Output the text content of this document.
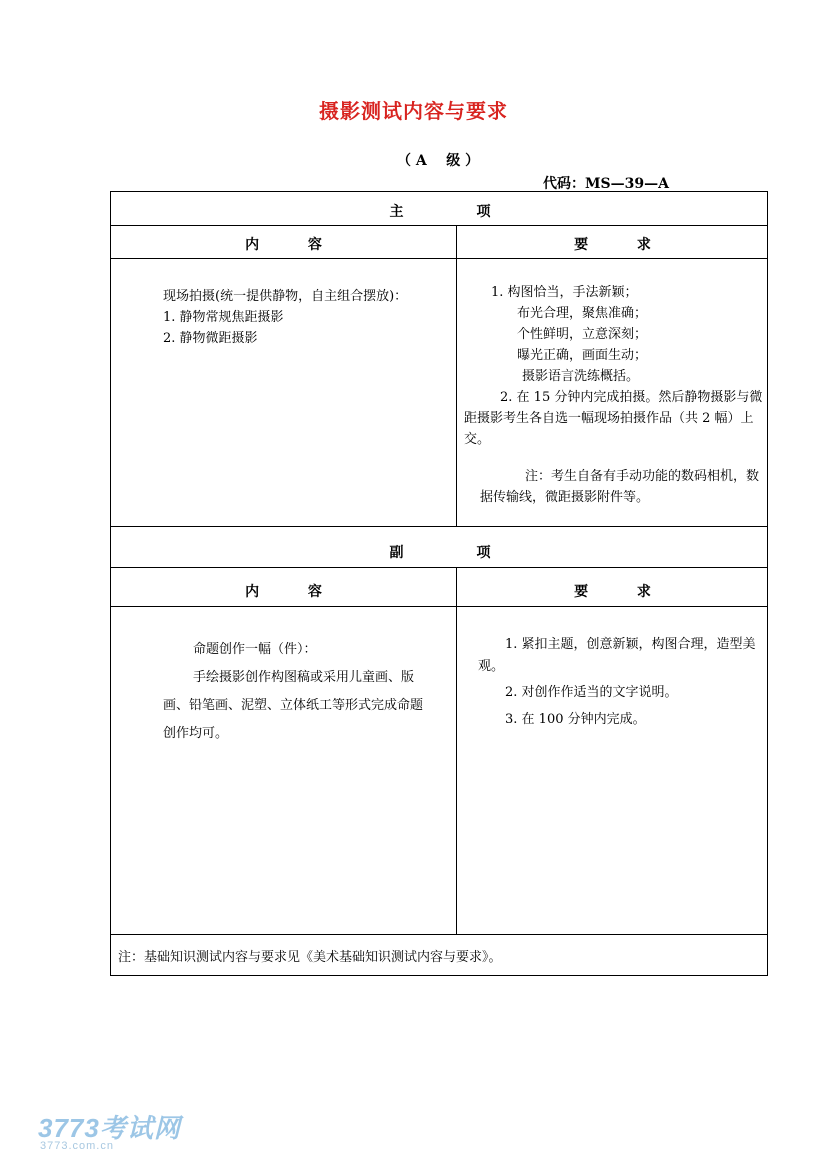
摄影测试内容与要求
（ A    级 ）
代码：MS—39—A
主               项
内          容	要          求

现场拍摄(统一提供静物，自主组合摆放)：

1. 静物常规焦距摄影

2. 静物微距摄影

1. 构图恰当，手法新颖；

布光合理，聚焦准确；

个性鲜明，立意深刻；

曝光正确，画面生动；

摄影语言洗练概括。

2. 在 15 分钟内完成拍摄。然后静物摄影与微距摄影考生各自选一幅现场拍摄作品（共 2 幅）上交。

注：考生自备有手动功能的数码相机，数据传输线，微距摄影附件等。

副               项
内          容	要          求

命题创作一幅（件）：

手绘摄影创作构图稿或采用儿童画、版画、铅笔画、泥塑、立体纸工等形式完成命题创作均可。

1. 紧扣主题，创意新颖，构图合理，造型美观。

2. 对创作作适当的文字说明。

3. 在 100 分钟内完成。

注：基础知识测试内容与要求见《美术基础知识测试内容与要求》。
3773考试网
3773.com.cn
